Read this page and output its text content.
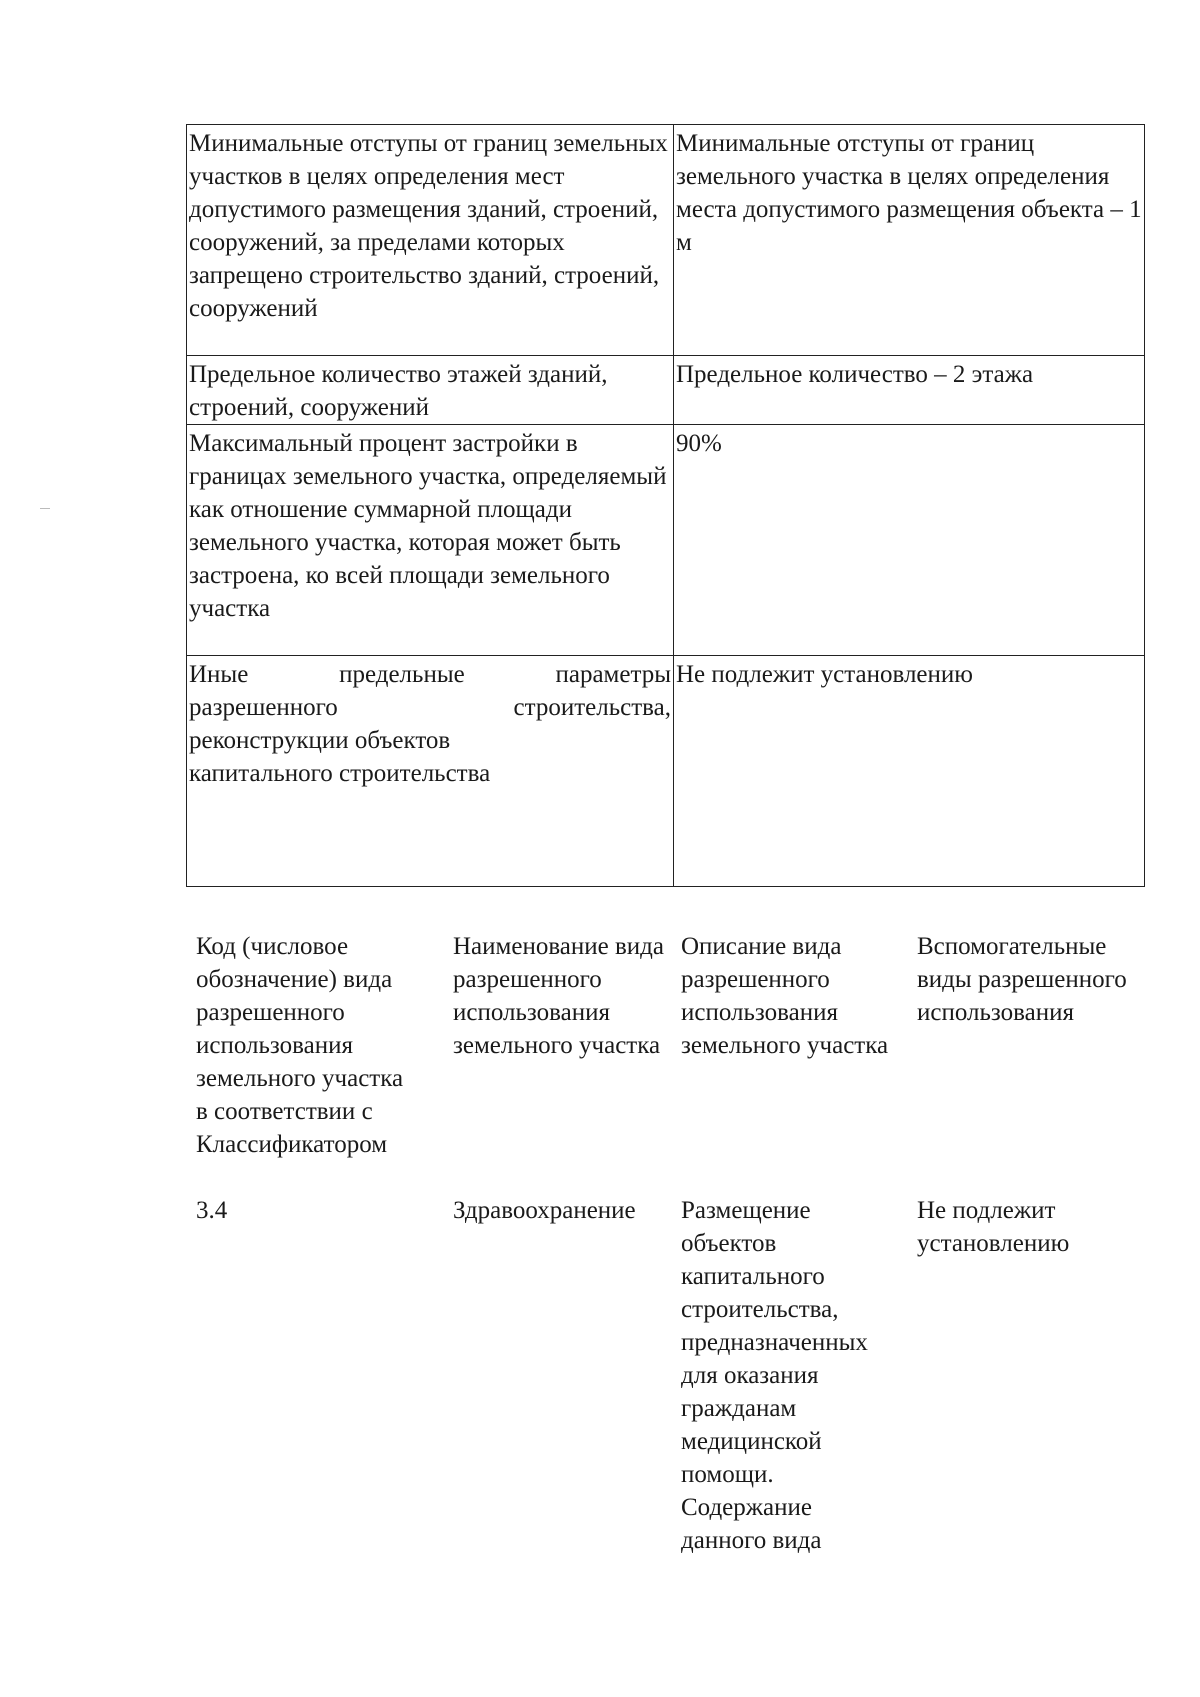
Минимальные отступы от границ земельных участков в целях определения мест допустимого размещения зданий, строений, сооружений, за пределами которых запрещено строительство зданий, строений, сооружений	Минимальные отступы от границ земельного участка в целях определения места допустимого размещения объекта – 1 м
Предельное количество этажей зданий, строений, сооружений	Предельное количество – 2 этажа
Максимальный процент застройки в границах земельного участка, определяемый как отношение суммарной площади земельного участка, которая может быть застроена, ко всей площади земельного участка	90%

Иные предельные параметры
разрешенного строительства,
реконструкции объектов
капитального строительства	Не подлежит установлению
Код (числовое обозначение) вида разрешенного использования земельного участка в соответствии с Классификатором	Наименование вида разрешенного использования земельного участка	Описание вида разрешенного использования земельного участка	Вспомогательные виды разрешенного использования

3.4	Здравоохранение	Размещение объектов капитального строительства, предназначенных для оказания гражданам медицинской помощи. Содержание данного вида	Не подлежит установлению
